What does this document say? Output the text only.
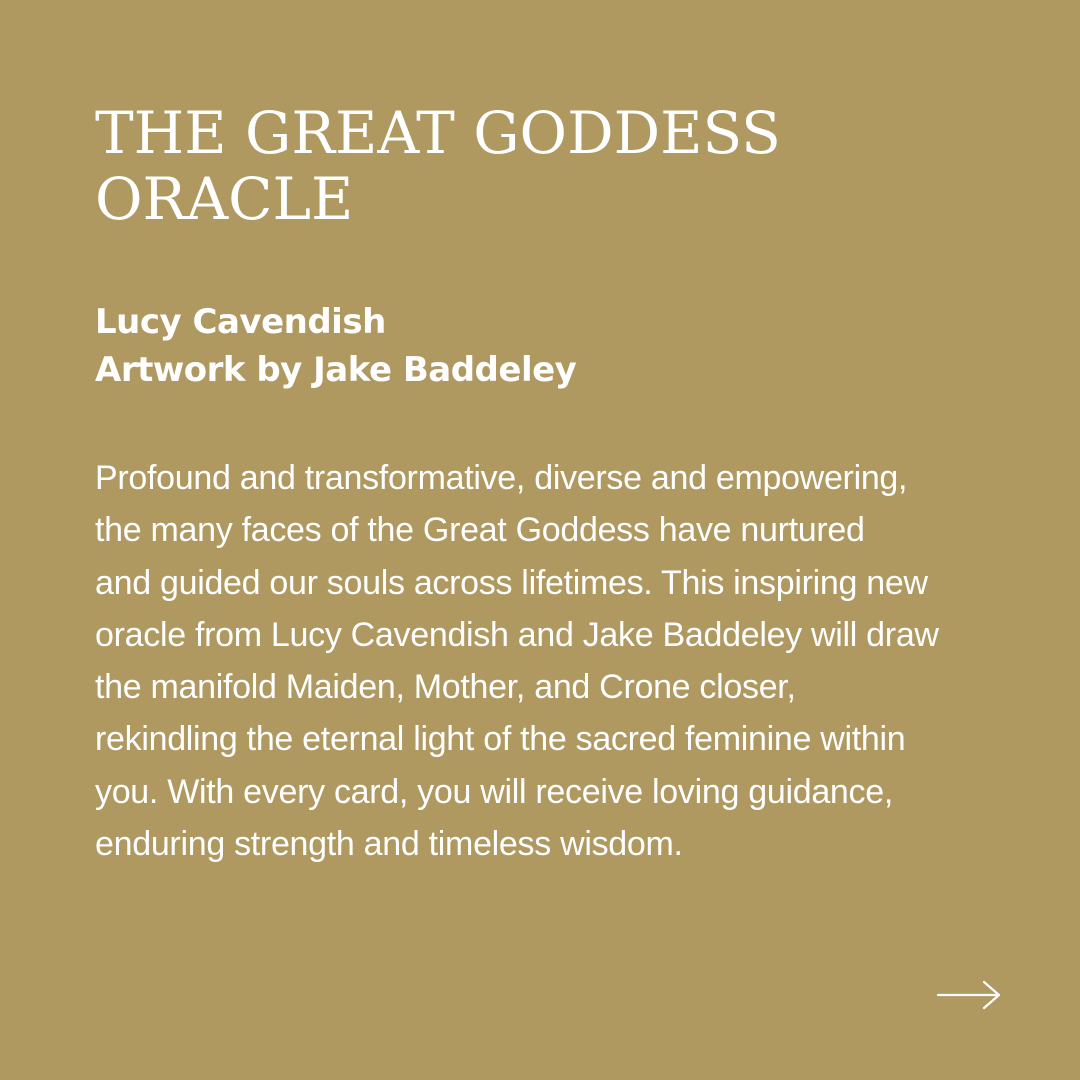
THE GREAT GODDESS
ORACLE
Lucy Cavendish
Artwork by Jake Baddeley

Profound and transformative, diverse and empowering,
the many faces of the Great Goddess have nurtured
and guided our souls across lifetimes. This inspiring new
oracle from Lucy Cavendish and Jake Baddeley will draw
the manifold Maiden, Mother, and Crone closer,
rekindling the eternal light of the sacred feminine within
you. With every card, you will receive loving guidance,
enduring strength and timeless wisdom.
